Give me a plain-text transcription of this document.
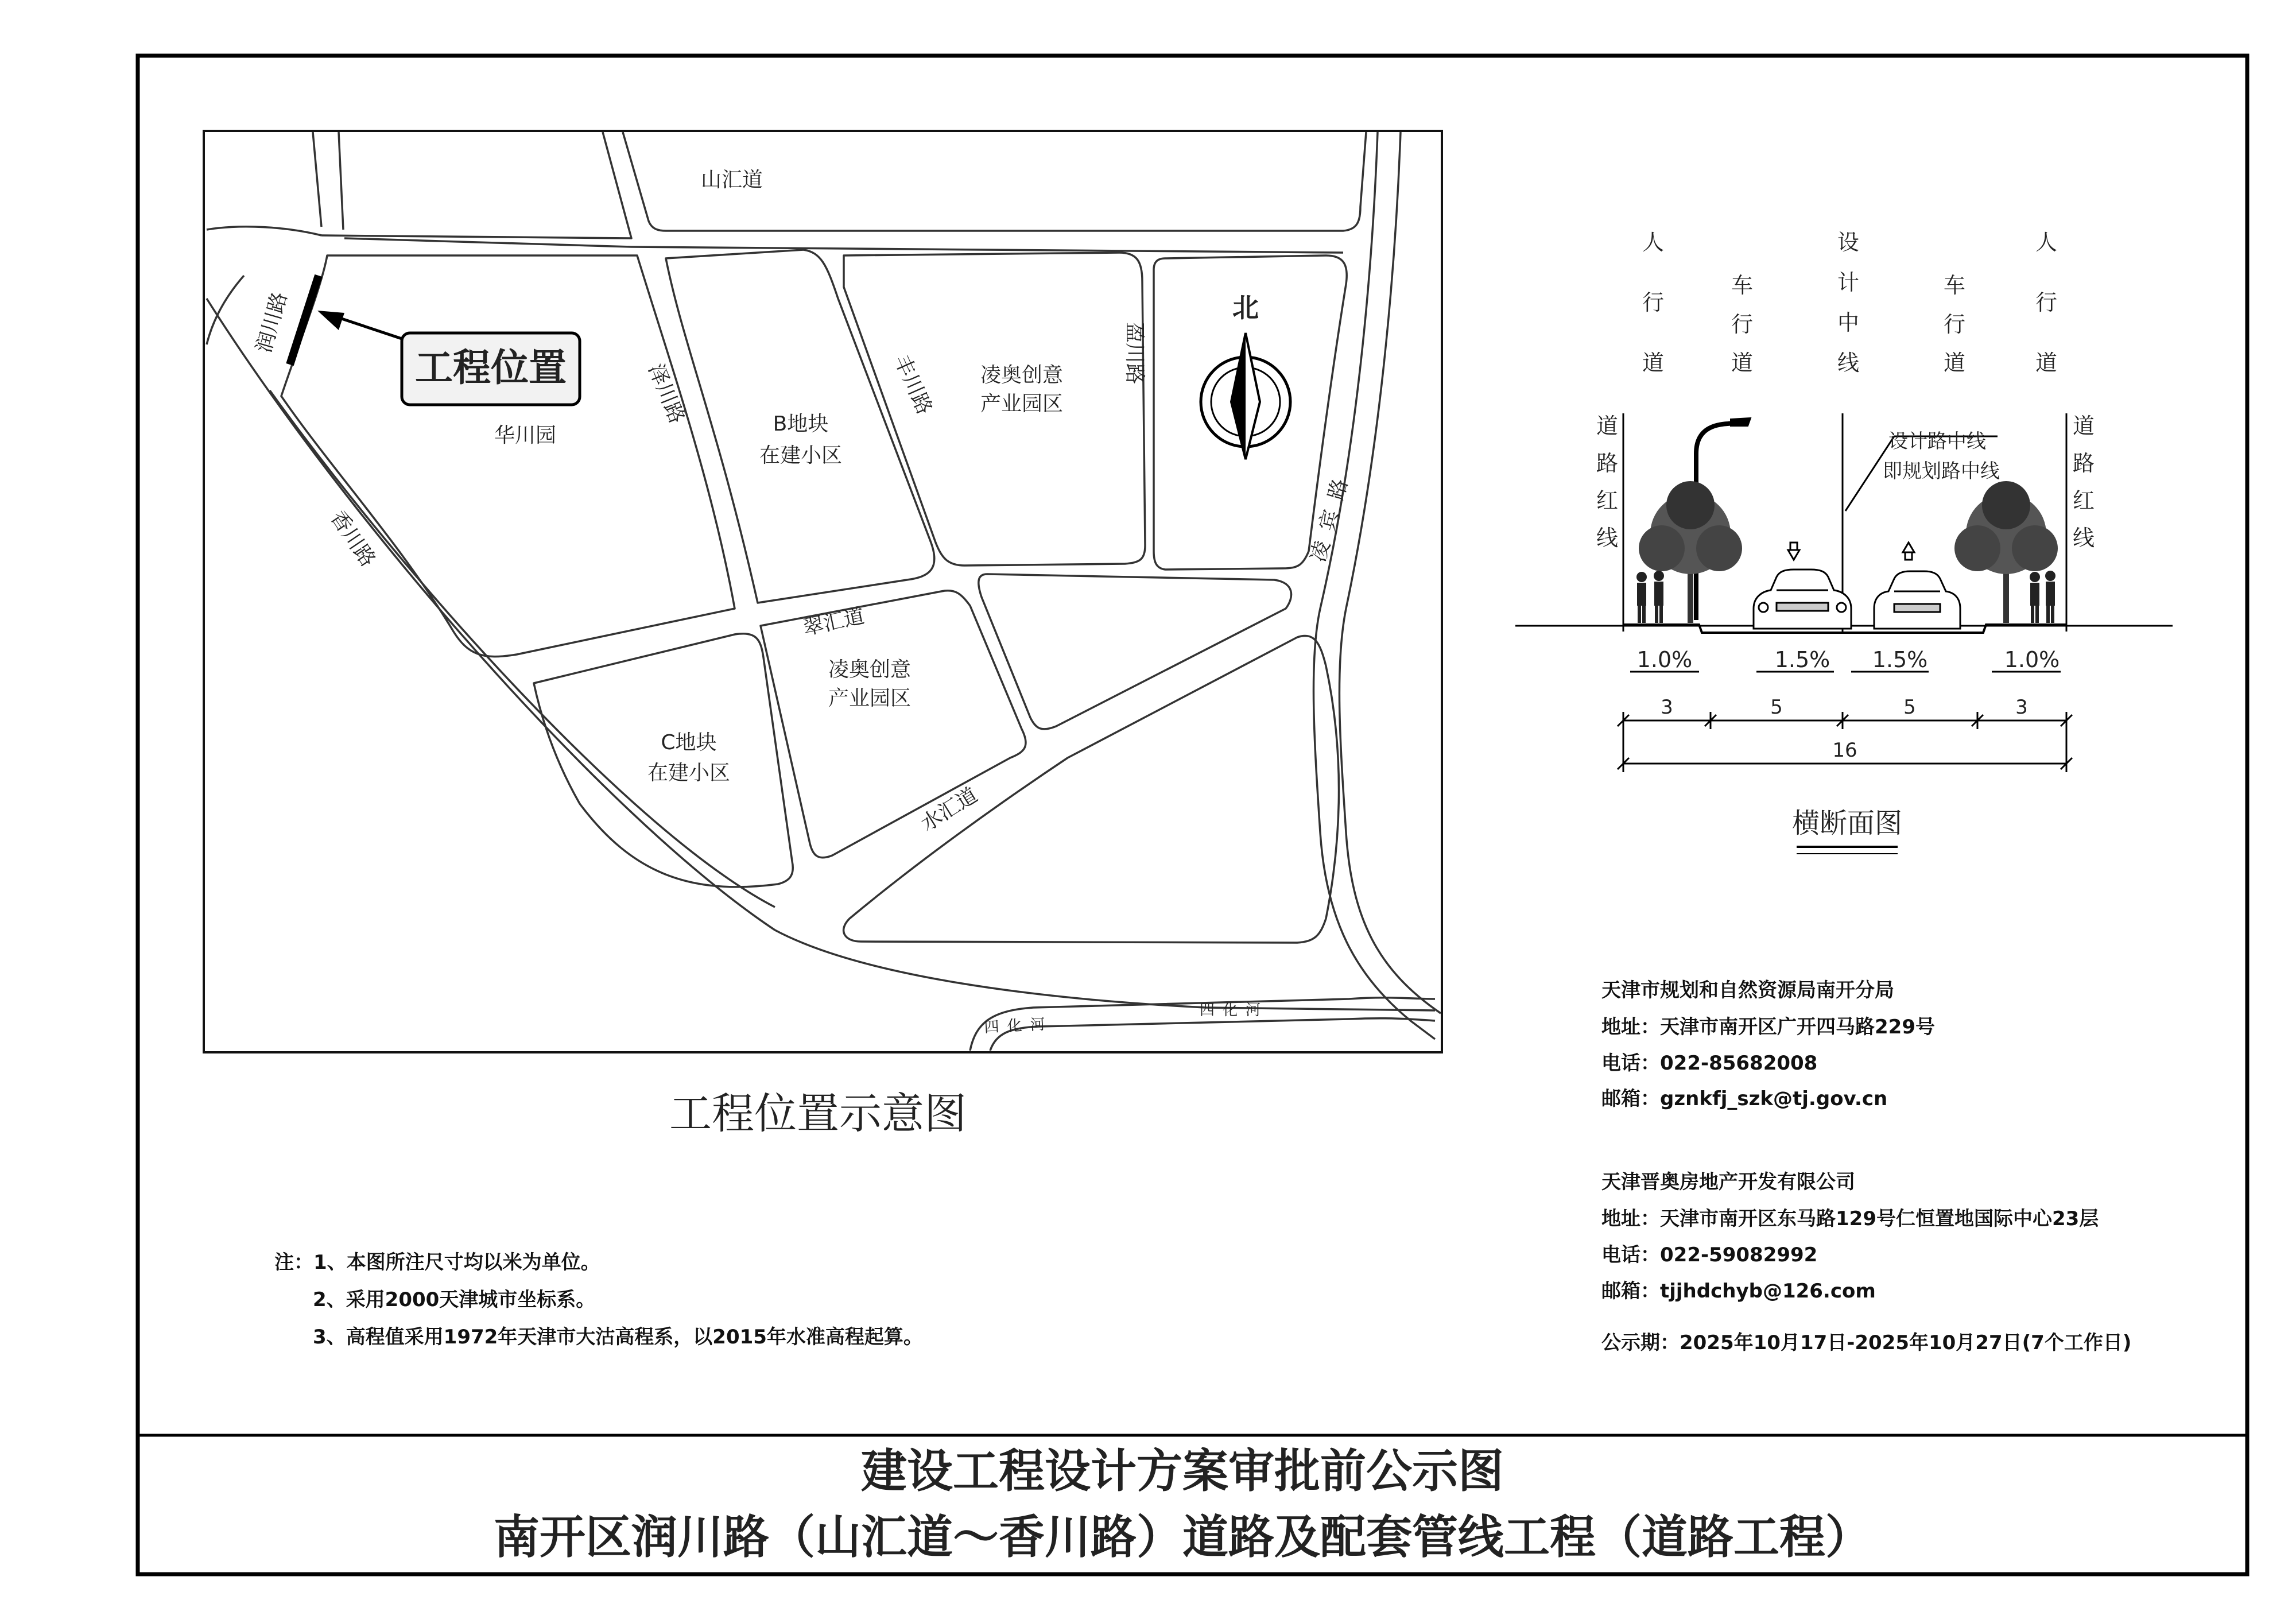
工程位置
山汇道
润川路
香川路
泽川路	丰川路	盈川路
凌宾路
翠汇道
水汇道
四化河
四化河
华川园	B地块
在建小区
凌奥创意
产业园区
凌奥创意
产业园区
C地块
在建小区
北
工程位置示意图
人
行
道
车
行
道
设
计
中
线
车
行
道
人
行
道
道
路
红
线
道
路
红
线
设计路中线
即规划路中线
1.0%	1.5% 1.5%	1.0%
3	5	5	3
16
横断面图
天津市规划和自然资源局南开分局
地址：天津市南开区广开四马路229号
电话：022-85682008
邮箱：gznkfj_szk@tj.gov.cn
天津晋奥房地产开发有限公司
地址：天津市南开区东马路129号仁恒置地国际中心23层
电话：022-59082992
邮箱：tjjhdchyb@126.com
公示期：2025年10月17日-2025年10月27日(7个工作日)
注：1、本图所注尺寸均以米为单位。
2、采用2000天津城市坐标系。
3、高程值采用1972年天津市大沽高程系，以2015年水准高程起算。
建设工程设计方案审批前公示图
南开区润川路（山汇道～香川路）道路及配套管线工程（道路工程）
